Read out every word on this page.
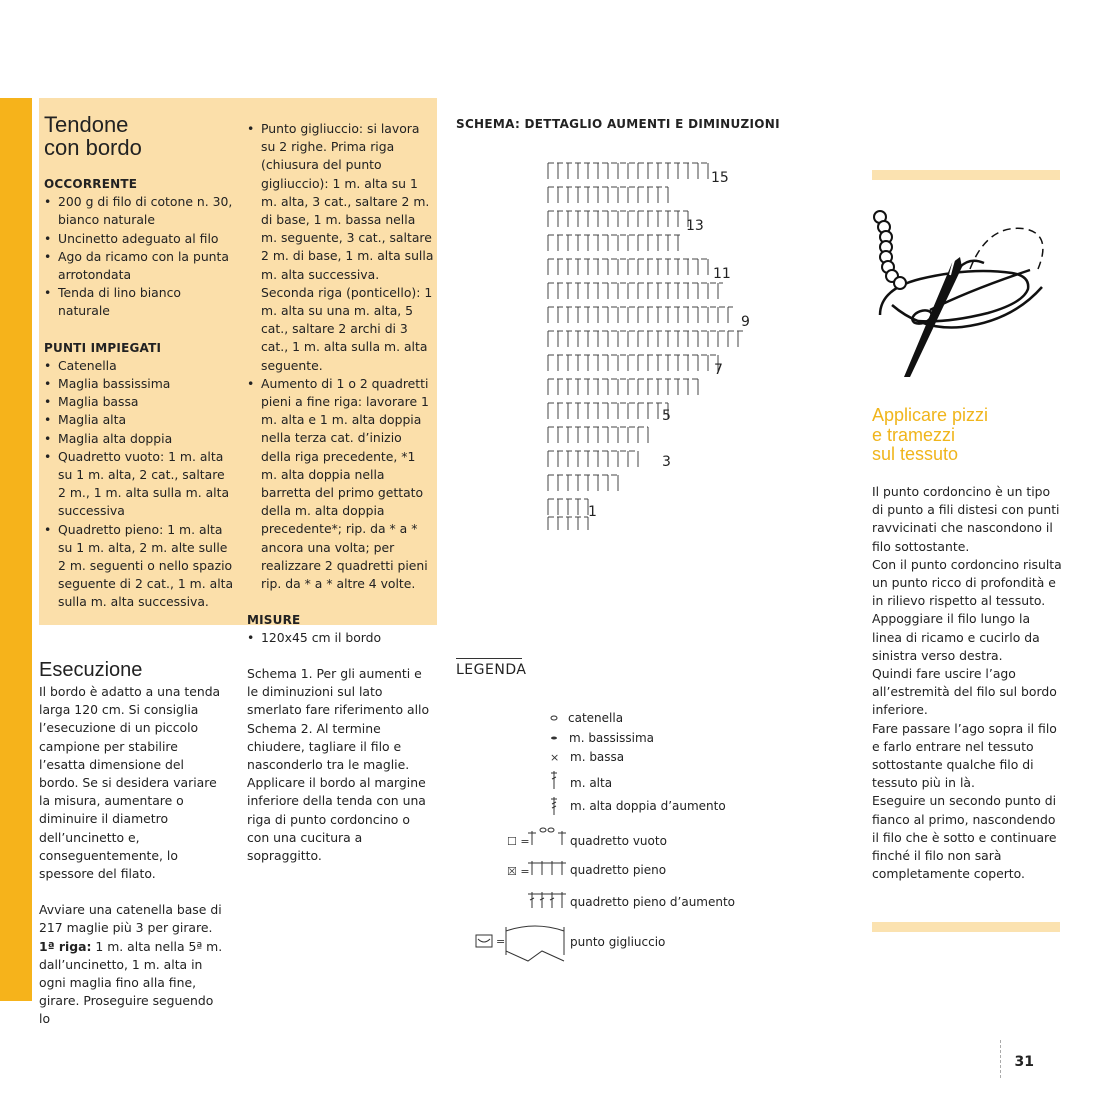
Tendone
con bordo

OCCORRENTE

• 200 g di filo di cotone n. 30, bianco naturale
• Uncinetto adeguato al filo
• Ago da ricamo con la punta arrotondata
• Tenda di lino bianco naturale

PUNTI IMPIEGATI

• Catenella
• Maglia bassissima
• Maglia bassa
• Maglia alta
• Maglia alta doppia
• Quadretto vuoto: 1 m. alta su 1 m. alta, 2 cat., saltare 2 m., 1 m. alta sulla m. alta successiva
• Quadretto pieno: 1 m. alta su 1 m. alta, 2 m. alte sulle 2 m. seguenti o nello spazio seguente di 2 cat., 1 m. alta sulla m. alta successiva.
• Punto gigliuccio: si lavora su 2 righe. Prima riga (chiusura del punto gigliuccio): 1 m. alta su 1 m. alta, 3 cat., saltare 2 m. di base, 1 m. bassa nella m. seguente, 3 cat., saltare 2 m. di base, 1 m. alta sulla m. alta successiva. Seconda riga (ponticello): 1 m. alta su una m. alta, 5 cat., saltare 2 archi di 3 cat., 1 m. alta sulla m. alta seguente.
• Aumento di 1 o 2 quadretti pieni a fine riga: lavorare 1 m. alta e 1 m. alta doppia nella terza cat. d’inizio della riga precedente, *1 m. alta doppia nella barretta del primo gettato della m. alta doppia precedente*; rip. da * a * ancora una volta; per realizzare 2 quadretti pieni rip. da * a * altre 4 volte.

MISURE

• 120x45 cm il bordo
Esecuzione

Il bordo è adatto a una tenda larga 120 cm. Si consiglia l’esecuzione di un piccolo campione per stabilire l’esatta dimensione del bordo. Se si desidera variare la misura, aumentare o diminuire il diametro dell’uncinetto e, conseguentemente, lo spessore del filato.

Avviare una catenella base di 217 maglie più 3 per girare.

1ª riga: 1 m. alta nella 5ª m. dall’uncinetto, 1 m. alta in ogni maglia fino alla fine, girare. Proseguire seguendo lo

Schema 1. Per gli aumenti e le diminuzioni sul lato smerlato fare riferimento allo Schema 2. Al termine chiudere, tagliare il filo e nasconderlo tra le maglie. Applicare il bordo al margine inferiore della tenda con una riga di punto cordoncino o con una cucitura a sopraggitto.

SCHEMA: DETTAGLIO AUMENTI E DIMINUZIONI
15
13
11
9
7
5
3
1
LEGENDA
×
☐ =
☒ =
=
catenella
m. bassissima
m. bassa
m. alta
m. alta doppia d’aumento
quadretto vuoto
quadretto pieno
quadretto pieno d’aumento
punto gigliuccio
Applicare pizzi
e tramezzi
sul tessuto

Il punto cordoncino è un tipo di punto a fili distesi con punti ravvicinati che nascondono il filo sottostante.

Con il punto cordoncino risulta un punto ricco di profondità e in rilievo rispetto al tessuto.

Appoggiare il filo lungo la linea di ricamo e cucirlo da sinistra verso destra.

Quindi fare uscire l’ago all’estremità del filo sul bordo inferiore.

Fare passare l’ago sopra il filo e farlo entrare nel tessuto sottostante qualche filo di tessuto più in là.

Eseguire un secondo punto di fianco al primo, nascondendo il filo che è sotto e continuare finché il filo non sarà completamente coperto.

31
